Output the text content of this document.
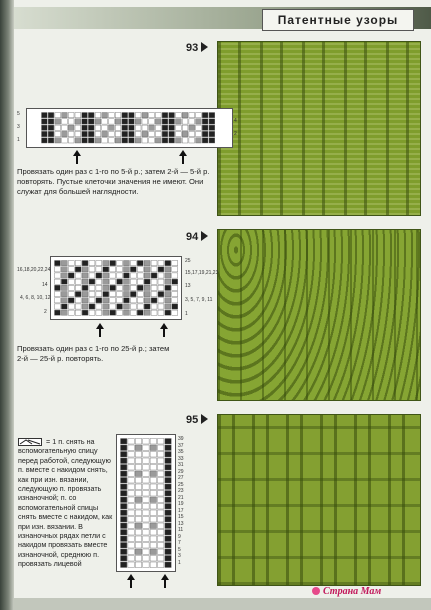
Патентные узоры
93
5
3
1
4
2
Провязать один раз с 1-го по 5-й р.; затем 2-й — 5-й р. повторять. Пустые клеточки значения не имеют. Они служат для большей наглядности.
94
16,18,20,22,24
14
4, 6, 8, 10, 12
2
25
15,17,19,21,23
13
3, 5, 7, 9, 11
1
Провязать один раз с 1-го по 25-й р.; затем 2-й — 25-й р. повторять.
95
= 1 п. снять на вспомогательную спицу перед работой, следующую п. вместе с накидом снять, как при изн. вязании, следующую п. провязать изнаночной; п. со вспомогательной спицы снять вместе с накидом, как при изн. вязании. В изнаночных рядах петли с накидом провязать вместе изнаночной, среднюю п. провязать лицевой
39
37
35
33
31
29
27
25
23
21
19
17
15
13
11
9
7
5
3
1
Страна Мам
